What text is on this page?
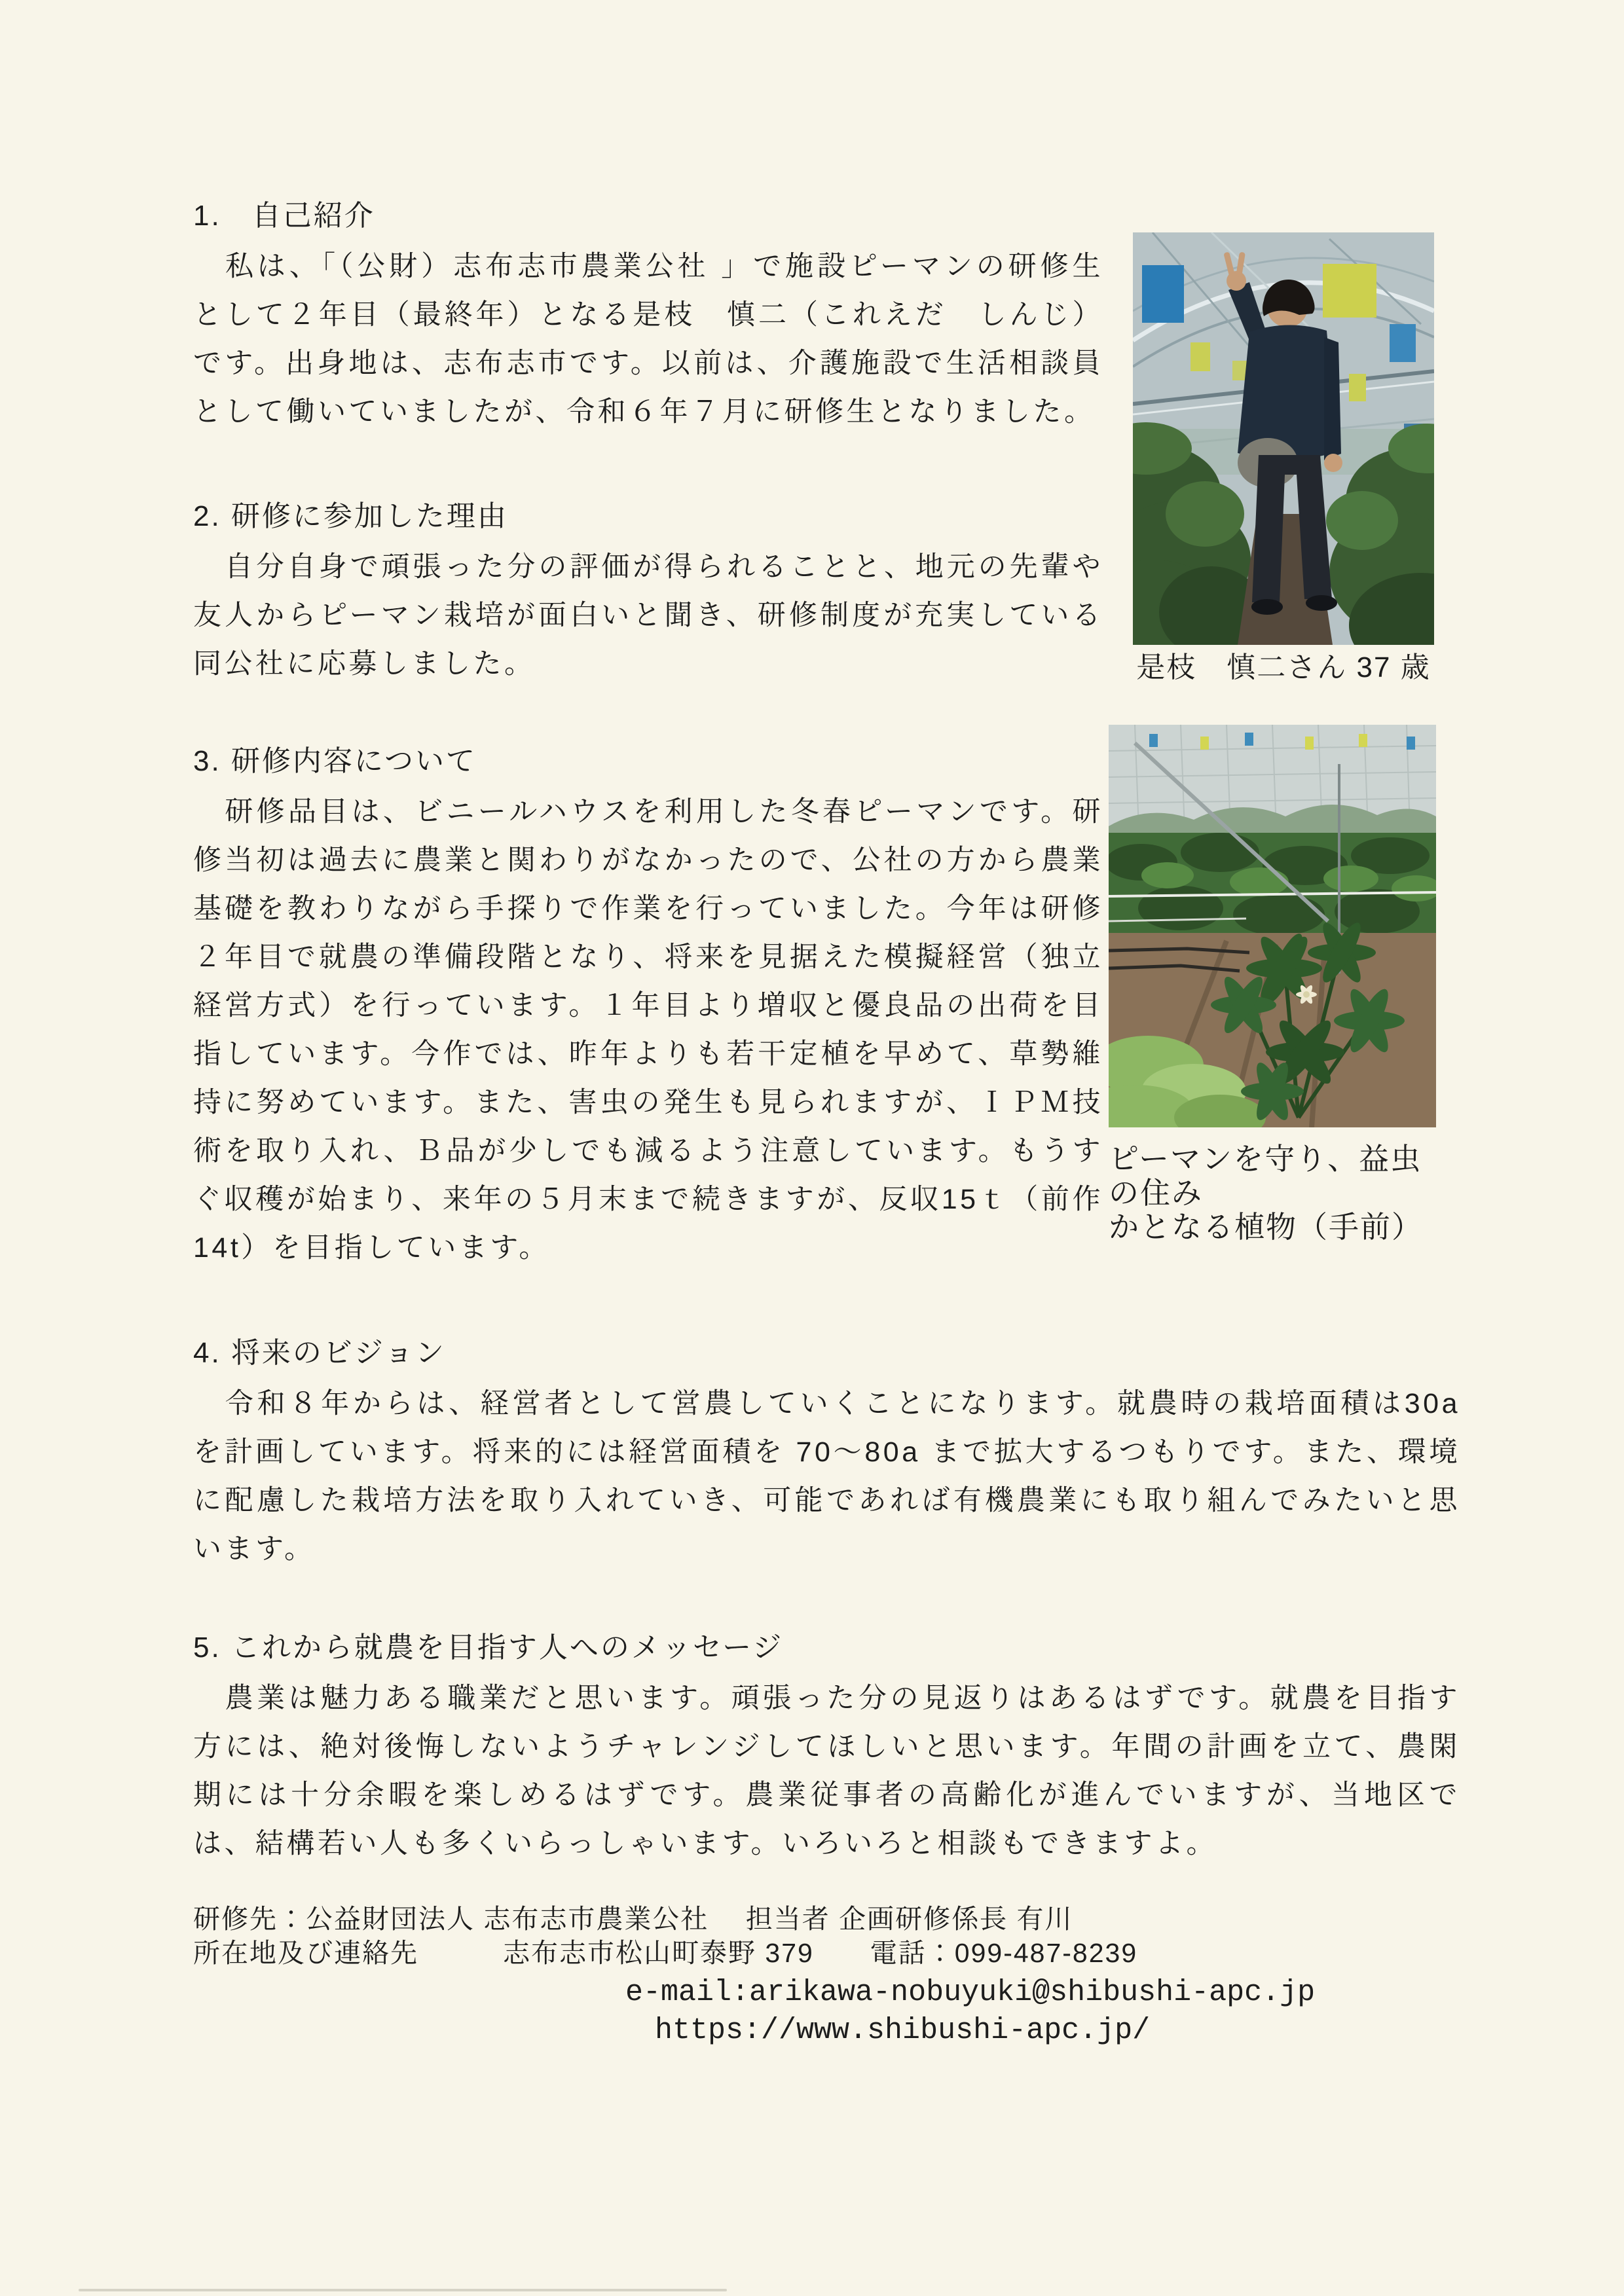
是枝　慎二さん 37 歳
ピーマンを守り、益虫の住み
かとなる植物（手前）
1.　自己紹介

　私は、「（公財）志布志市農業公社 」で施設ピーマンの研修生として２年目（最終年）となる是枝　慎二（これえだ　しんじ）です。出身地は、志布志市です。以前は、介護施設で生活相談員として働いていましたが、令和６年７月に研修生となりました。

2. 研修に参加した理由

　自分自身で頑張った分の評価が得られることと、地元の先輩や友人からピーマン栽培が面白いと聞き、研修制度が充実している同公社に応募しました。

3. 研修内容について

　研修品目は、ビニールハウスを利用した冬春ピーマンです。研修当初は過去に農業と関わりがなかったので、公社の方から農業基礎を教わりながら手探りで作業を行っていました。今年は研修２年目で就農の準備段階となり、将来を見据えた模擬経営（独立経営方式）を行っています。１年目より増収と優良品の出荷を目指しています。今作では、昨年よりも若干定植を早めて、草勢維持に努めています。また、害虫の発生も見られますが、ＩＰＭ技術を取り入れ、Ｂ品が少しでも減るよう注意しています。もうすぐ収穫が始まり、来年の５月末まで続きますが、反収15ｔ（前作 14t）を目指しています。

4. 将来のビジョン

　令和８年からは、経営者として営農していくことになります。就農時の栽培面積は30a を計画しています。将来的には経営面積を 70～80a まで拡大するつもりです。また、環境に配慮した栽培方法を取り入れていき、可能であれば有機農業にも取り組んでみたいと思います。

5. これから就農を目指す人へのメッセージ

　農業は魅力ある職業だと思います。頑張った分の見返りはあるはずです。就農を目指す方には、絶対後悔しないようチャレンジしてほしいと思います。年間の計画を立て、農閑期には十分余暇を楽しめるはずです。農業従事者の高齢化が進んでいますが、当地区では、結構若い人も多くいらっしゃいます。いろいろと相談もできますよ。

研修先：公益財団法人 志布志市農業公社　 担当者 企画研修係長 有川

所在地及び連絡先　　　志布志市松山町泰野 379　　電話：099-487-8239

e-mail:arikawa-nobuyuki@shibushi-apc.jp

https://www.shibushi-apc.jp/
